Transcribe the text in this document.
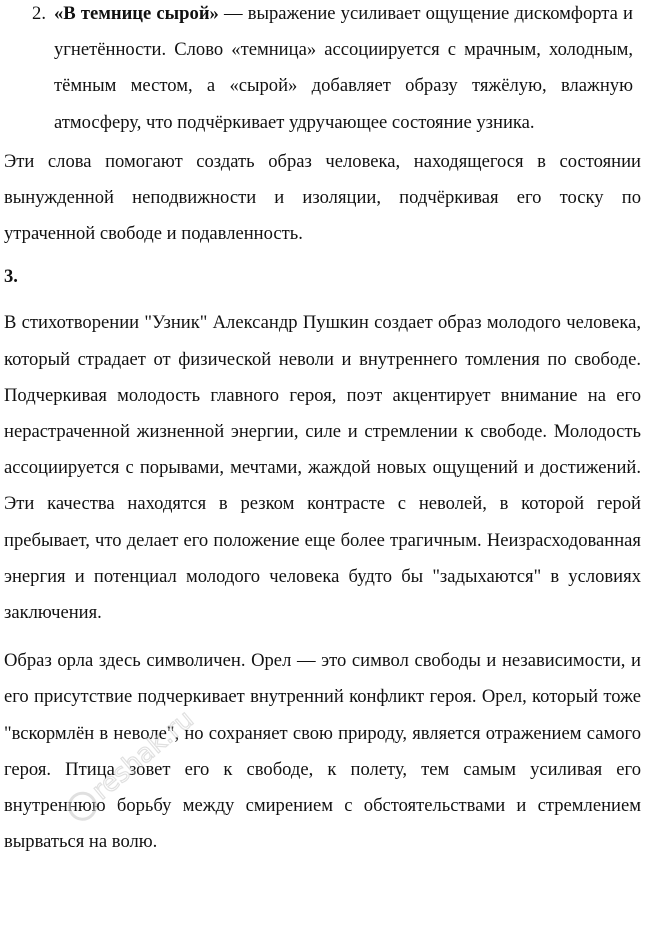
2. «В темнице сырой» — выражение усиливает ощущение дискомфорта и угнетённости. Слово «темница» ассоциируется с мрачным, холодным, тёмным местом, а «сырой» добавляет образу тяжёлую, влажную атмосферу, что подчёркивает удручающее состояние узника.

Эти слова помогают создать образ человека, находящегося в состоянии вынужденной неподвижности и изоляции, подчёркивая его тоску по утраченной свободе и подавленность.

3.

В стихотворении "Узник" Александр Пушкин создает образ молодого человека, который страдает от физической неволи и внутреннего томления по свободе. Подчеркивая молодость главного героя, поэт акцентирует внимание на его нерастраченной жизненной энергии, силе и стремлении к свободе. Молодость ассоциируется с порывами, мечтами, жаждой новых ощущений и достижений. Эти качества находятся в резком контрасте с неволей, в которой герой пребывает, что делает его положение еще более трагичным. Неизрасходованная энергия и потенциал молодого человека будто бы "задыхаются" в условиях заключения.

Образ орла здесь символичен. Орел — это символ свободы и независимости, и его присутствие подчеркивает внутренний конфликт героя. Орел, который тоже "вскормлён в неволе", но сохраняет свою природу, является отражением самого героя. Птица зовет его к свободе, к полету, тем самым усиливая его внутреннюю борьбу между смирением с обстоятельствами и стремлением вырваться на волю.

reshak.ru
